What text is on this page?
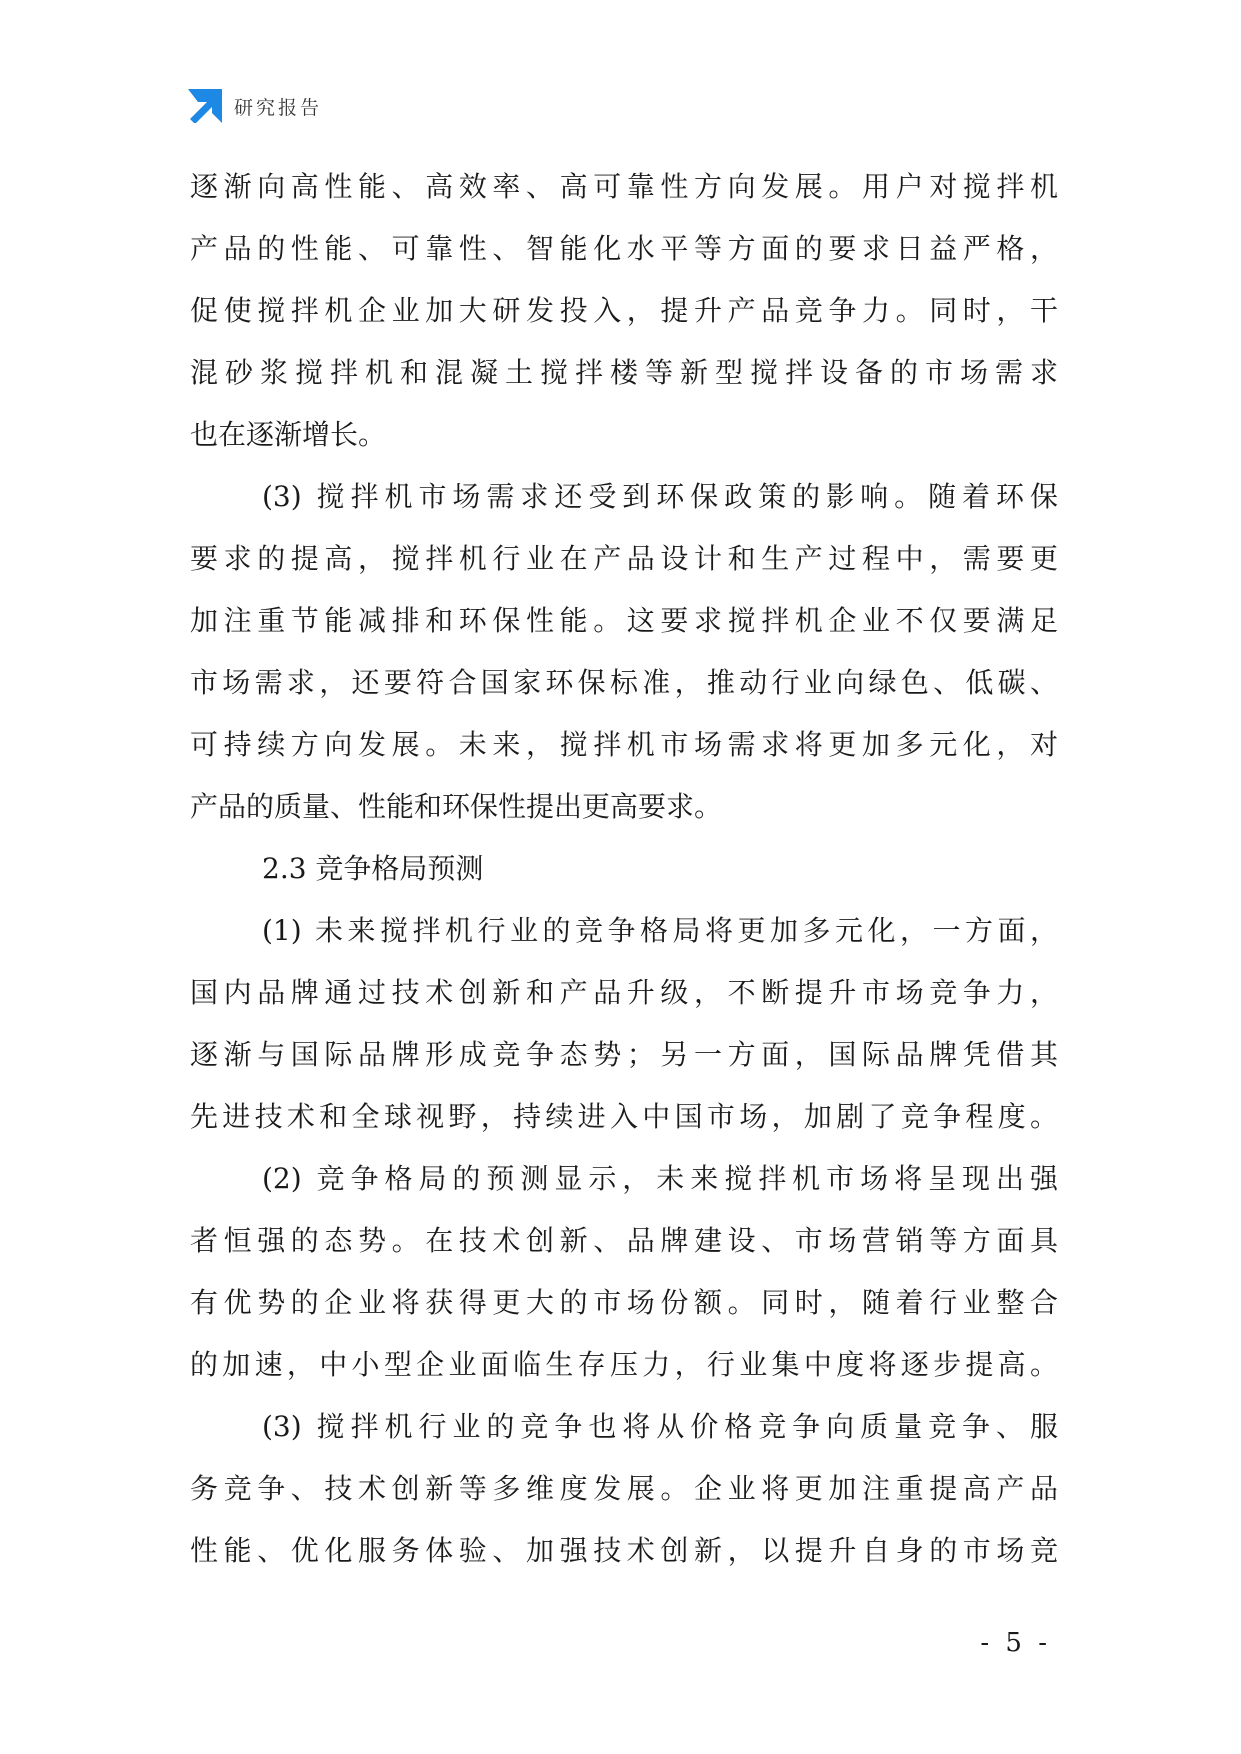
研究报告
逐渐向高性能、高效率、高可靠性方向发展。用户对搅拌机
产品的性能、可靠性、智能化水平等方面的要求日益严格，
促使搅拌机企业加大研发投入，提升产品竞争力。同时，干
混砂浆搅拌机和混凝土搅拌楼等新型搅拌设备的市场需求
也在逐渐增长。
(3) 搅拌机市场需求还受到环保政策的影响。随着环保
要求的提高，搅拌机行业在产品设计和生产过程中，需要更
加注重节能减排和环保性能。这要求搅拌机企业不仅要满足
市场需求，还要符合国家环保标准，推动行业向绿色、低碳、
可持续方向发展。未来，搅拌机市场需求将更加多元化，对
产品的质量、性能和环保性提出更高要求。
2.3 竞争格局预测
(1) 未来搅拌机行业的竞争格局将更加多元化，一方面，
国内品牌通过技术创新和产品升级，不断提升市场竞争力，
逐渐与国际品牌形成竞争态势；另一方面，国际品牌凭借其
先进技术和全球视野，持续进入中国市场，加剧了竞争程度。
(2) 竞争格局的预测显示，未来搅拌机市场将呈现出强
者恒强的态势。在技术创新、品牌建设、市场营销等方面具
有优势的企业将获得更大的市场份额。同时，随着行业整合
的加速，中小型企业面临生存压力，行业集中度将逐步提高。
(3) 搅拌机行业的竞争也将从价格竞争向质量竞争、服
务竞争、技术创新等多维度发展。企业将更加注重提高产品
性能、优化服务体验、加强技术创新，以提升自身的市场竞
- 5 -
